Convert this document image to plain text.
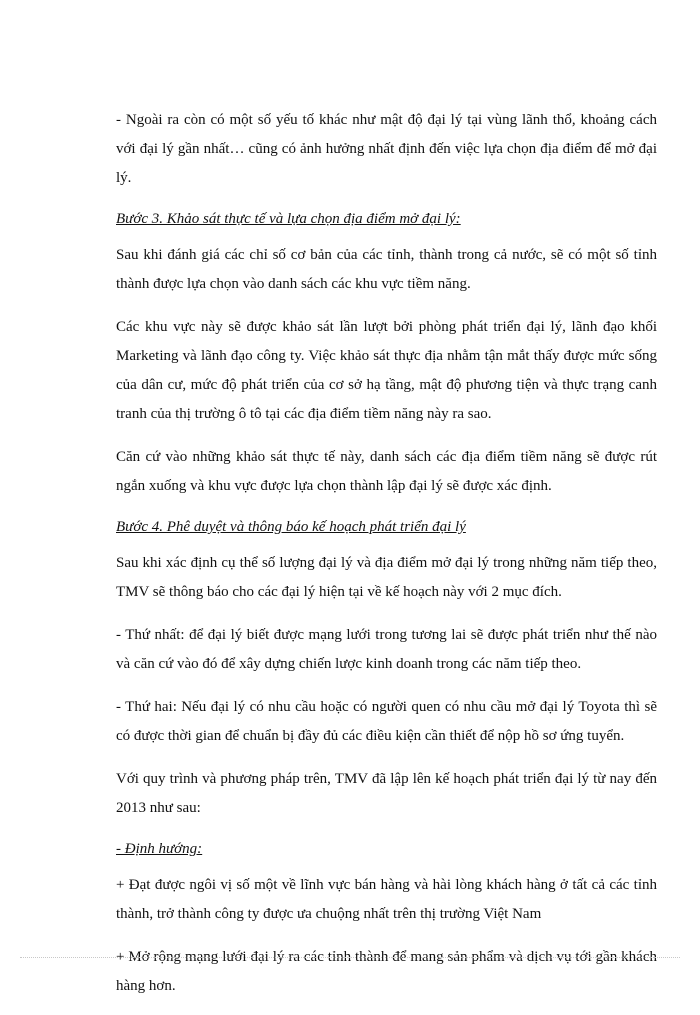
- Ngoài ra còn có một số yếu tố khác như mật độ đại lý tại vùng lãnh thổ, khoảng cách với đại lý gần nhất… cũng có ảnh hưởng nhất định đến việc lựa chọn địa điểm để mở đại lý.

Bước 3. Khảo sát thực tế và lựa chọn địa điểm mở đại lý:

Sau khi đánh giá các chỉ số cơ bản của các tỉnh, thành trong cả nước, sẽ có một số tỉnh thành được lựa chọn vào danh sách các khu vực tiềm năng.

Các khu vực này sẽ được khảo sát lần lượt bởi phòng phát triển đại lý, lãnh đạo khối Marketing và lãnh đạo công ty. Việc khảo sát thực địa nhằm tận mắt thấy được mức sống của dân cư, mức độ phát triển của cơ sở hạ tầng, mật độ phương tiện và thực trạng canh tranh của thị trường ô tô tại các địa điểm tiềm năng này ra sao.

Căn cứ vào những khảo sát thực tế này, danh sách các địa điểm tiềm năng sẽ được rút ngắn xuống và khu vực được lựa chọn thành lập đại lý sẽ được xác định.

Bước 4. Phê duyệt và thông báo kế hoạch phát triển đại lý

Sau khi xác định cụ thể số lượng đại lý và địa điểm mở đại lý trong những năm tiếp theo, TMV sẽ thông báo cho các đại lý hiện tại về kế hoạch này với 2 mục đích.

- Thứ nhất: để đại lý biết được mạng lưới trong tương lai sẽ được phát triển như thế nào và căn cứ vào đó để xây dựng chiến lược kinh doanh trong các năm tiếp theo.

- Thứ hai: Nếu đại lý có nhu cầu hoặc có người quen có nhu cầu mở đại lý Toyota thì sẽ có được thời gian để chuẩn bị đầy đủ các điều kiện cần thiết để nộp hồ sơ ứng tuyển.

Với quy trình và phương pháp trên, TMV đã lập lên kế hoạch phát triển đại lý từ nay đến 2013 như sau:

- Định hướng:

+ Đạt được ngôi vị số một về lĩnh vực bán hàng và hài lòng khách hàng ở tất cả các tỉnh thành, trở thành công ty được ưa chuộng nhất trên thị trường Việt Nam

+ Mở rộng mạng lưới đại lý ra các tỉnh thành để mang sản phẩm và dịch vụ tới gần khách hàng hơn.
